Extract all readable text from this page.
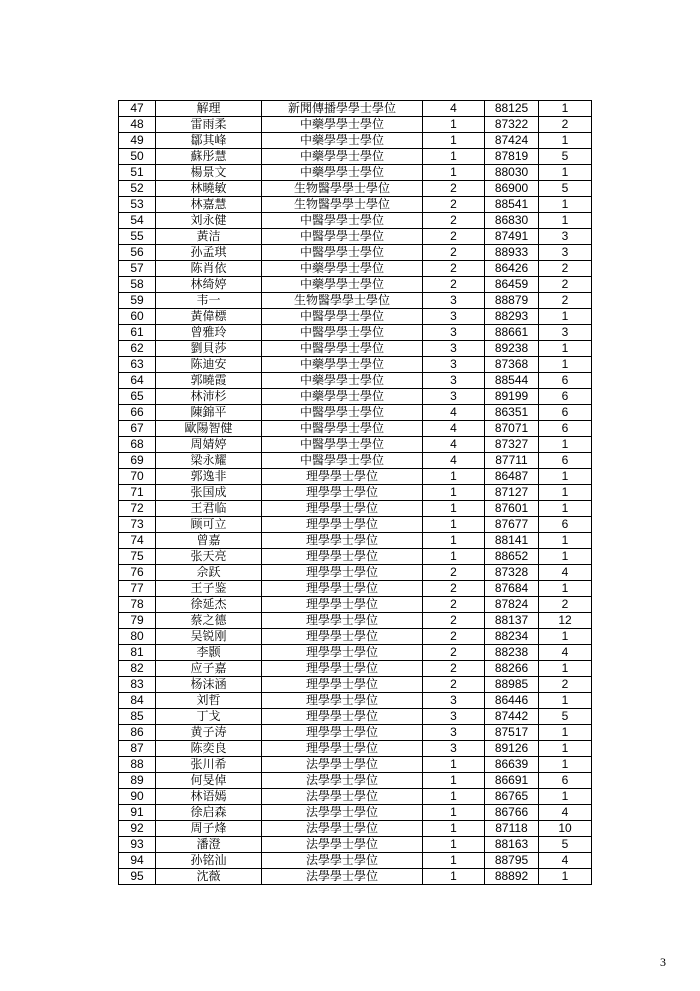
47	解理	新聞傳播學學士學位	4	88125	1
48	雷雨柔	中藥學學士學位	1	87322	2
49	鄒其峰	中藥學學士學位	1	87424	1
50	蘇彤慧	中藥學學士學位	1	87819	5
51	楊景文	中藥學學士學位	1	88030	1
52	林曉敏	生物醫學學士學位	2	86900	5
53	林嘉慧	生物醫學學士學位	2	88541	1
54	刘永健	中醫學學士學位	2	86830	1
55	黃洁	中醫學學士學位	2	87491	3
56	孙孟琪	中醫學學士學位	2	88933	3
57	陈肖依	中藥學學士學位	2	86426	2
58	林绮婷	中藥學學士學位	2	86459	2
59	韦一	生物醫學學士學位	3	88879	2
60	黃偉標	中醫學學士學位	3	88293	1
61	曾雅玲	中醫學學士學位	3	88661	3
62	劉貝莎	中醫學學士學位	3	89238	1
63	陈迪安	中藥學學士學位	3	87368	1
64	郭曉霞	中藥學學士學位	3	88544	6
65	林沛杉	中藥學學士學位	3	89199	6
66	陳錦平	中醫學學士學位	4	86351	6
67	歐陽智健	中醫學學士學位	4	87071	6
68	周婧婷	中醫學學士學位	4	87327	1
69	梁永耀	中醫學學士學位	4	87711	6
70	郭逸非	理學學士學位	1	86487	1
71	张国成	理學學士學位	1	87127	1
72	王君临	理學學士學位	1	87601	1
73	顾可立	理學學士學位	1	87677	6
74	曾嘉	理學學士學位	1	88141	1
75	张天亮	理學學士學位	1	88652	1
76	佘跃	理學學士學位	2	87328	4
77	王子鉴	理學學士學位	2	87684	1
78	徐延杰	理學學士學位	2	87824	2
79	蔡之德	理學學士學位	2	88137	12
80	吴锐刚	理學學士學位	2	88234	1
81	李颢	理學學士學位	2	88238	4
82	应子嘉	理學學士學位	2	88266	1
83	杨沫涵	理學學士學位	2	88985	2
84	刘哲	理學學士學位	3	86446	1
85	丁戈	理學學士學位	3	87442	5
86	黄子涛	理學學士學位	3	87517	1
87	陈奕良	理學學士學位	3	89126	1
88	张川希	法學學士學位	1	86639	1
89	何旻倬	法學學士學位	1	86691	6
90	林语嫣	法學學士學位	1	86765	1
91	徐启森	法學學士學位	1	86766	4
92	周子烽	法學學士學位	1	87118	10
93	潘澄	法學學士學位	1	88163	5
94	孙铭汕	法學學士學位	1	88795	4
95	沈薇	法學學士學位	1	88892	1
3
